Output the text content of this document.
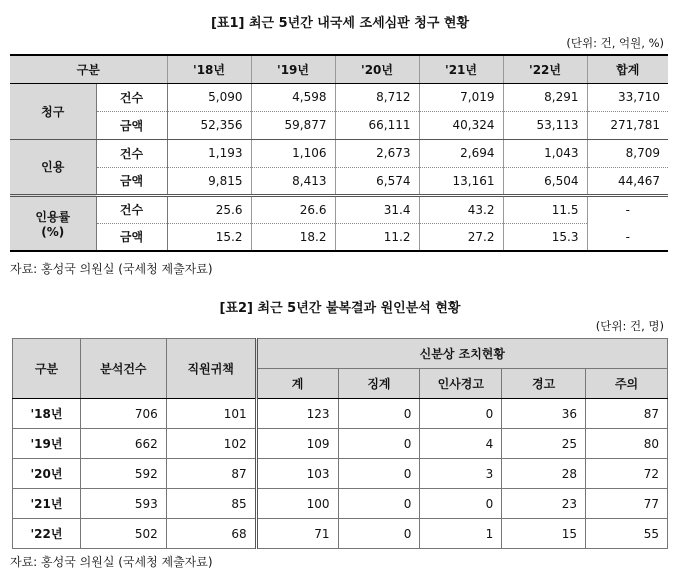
[표1] 최근 5년간 내국세 조세심판 청구 현황
(단위: 건, 억원, %)
구분		'18년	'19년	'20년	'21년	'22년	합계
청구	건수	5,090	4,598	8,712	7,019	8,291	33,710
	금액	52,356	59,877	66,111	40,324	53,113	271,781
인용	건수	1,193	1,106	2,673	2,694	1,043	8,709
	금액	9,815	8,413	6,574	13,161	6,504	44,467
인용률
(%)	건수	25.6	26.6	31.4	43.2	11.5	-
	금액	15.2	18.2	11.2	27.2	15.3	-
자료: 홍성국 의원실 (국세청 제출자료)
[표2] 최근 5년간 불복결과 원인분석 현황
(단위: 건, 명)
구분	분석건수	직원귀책	신분상 조치현황				
			계	징계	인사경고	경고	주의
'18년	706	101	123	0	0	36	87
'19년	662	102	109	0	4	25	80
'20년	592	87	103	0	3	28	72
'21년	593	85	100	0	0	23	77
'22년	502	68	71	0	1	15	55
자료: 홍성국 의원실 (국세청 제출자료)
